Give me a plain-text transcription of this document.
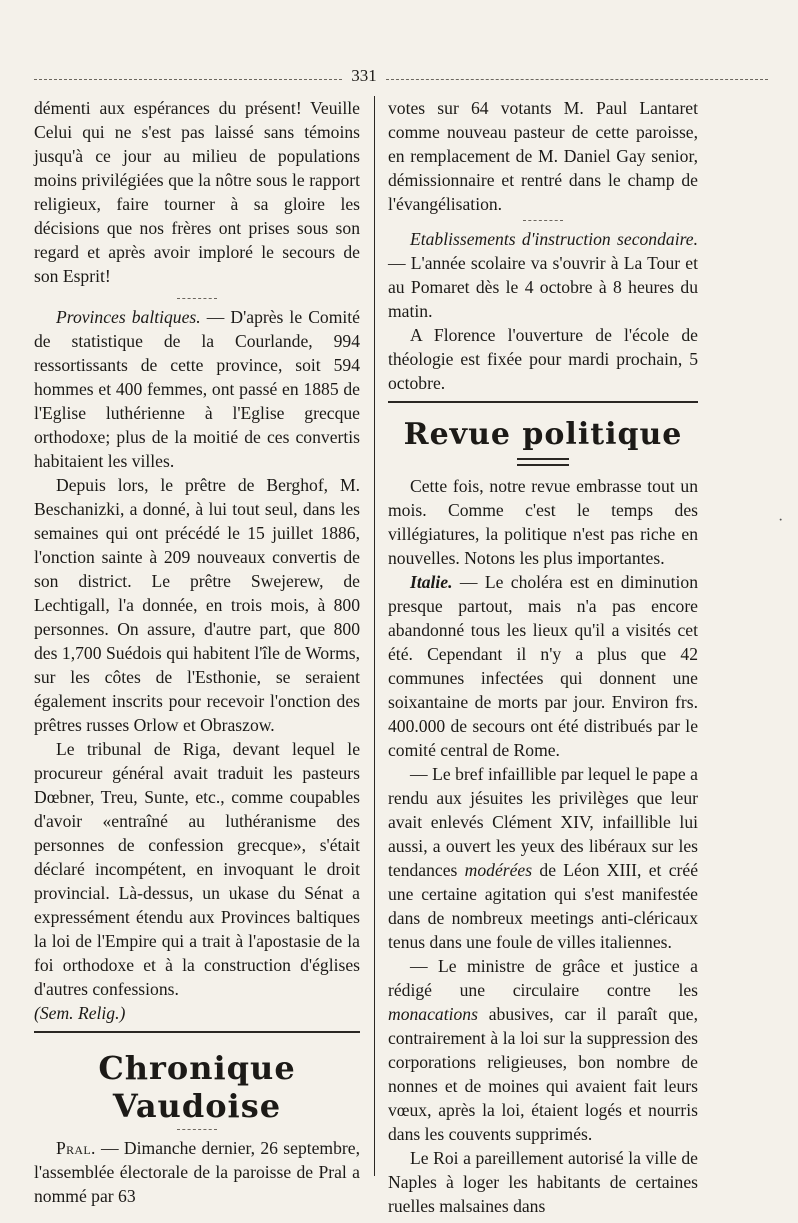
331

démenti aux espérances du présent! Veuille Celui qui ne s'est pas laissé sans témoins jusqu'à ce jour au milieu de populations moins privilégiées que la nôtre sous le rapport religieux, faire tourner à sa gloire les décisions que nos frères ont prises sous son regard et après avoir imploré le secours de son Esprit!

Provinces baltiques. — D'après le Comité de statistique de la Courlande, 994 ressortissants de cette province, soit 594 hommes et 400 femmes, ont passé en 1885 de l'Eglise luthérienne à l'Eglise grecque orthodoxe; plus de la moitié de ces convertis habitaient les villes.

Depuis lors, le prêtre de Berghof, M. Beschanizki, a donné, à lui tout seul, dans les semaines qui ont précédé le 15 juillet 1886, l'onction sainte à 209 nouveaux convertis de son district. Le prêtre Swejerew, de Lechtigall, l'a donnée, en trois mois, à 800 personnes. On assure, d'autre part, que 800 des 1,700 Suédois qui habitent l'île de Worms, sur les côtes de l'Esthonie, se seraient également inscrits pour recevoir l'onction des prêtres russes Orlow et Obraszow.

Le tribunal de Riga, devant lequel le procureur général avait traduit les pasteurs Dœbner, Treu, Sunte, etc., comme coupables d'avoir «entraîné au luthéranisme des personnes de confession grecque», s'était déclaré incompétent, en invoquant le droit provincial. Là-dessus, un ukase du Sénat a expressément étendu aux Provinces baltiques la loi de l'Empire qui a trait à l'apostasie de la foi orthodoxe et à la construction d'églises d'autres confessions.

(Sem. Relig.)

Chronique Vaudoise

Pral. — Dimanche dernier, 26 septembre, l'assemblée électorale de la paroisse de Pral a nommé par 63

votes sur 64 votants M. Paul Lantaret comme nouveau pasteur de cette paroisse, en remplacement de M. Daniel Gay senior, démissionnaire et rentré dans le champ de l'évangélisation.

Etablissements d'instruction secondaire. — L'année scolaire va s'ouvrir à La Tour et au Pomaret dès le 4 octobre à 8 heures du matin.

A Florence l'ouverture de l'école de théologie est fixée pour mardi prochain, 5 octobre.

Revue politique

Cette fois, notre revue embrasse tout un mois. Comme c'est le temps des villégiatures, la politique n'est pas riche en nouvelles. Notons les plus importantes.

Italie. — Le choléra est en diminution presque partout, mais n'a pas encore abandonné tous les lieux qu'il a visités cet été. Cependant il n'y a plus que 42 communes infectées qui donnent une soixantaine de morts par jour. Environ frs. 400.000 de secours ont été distribués par le comité central de Rome.

— Le bref infaillible par lequel le pape a rendu aux jésuites les privilèges que leur avait enlevés Clément XIV, infaillible lui aussi, a ouvert les yeux des libéraux sur les tendances modérées de Léon XIII, et créé une certaine agitation qui s'est manifestée dans de nombreux meetings anti-cléricaux tenus dans une foule de villes italiennes.

— Le ministre de grâce et justice a rédigé une circulaire contre les monacations abusives, car il paraît que, contrairement à la loi sur la suppression des corporations religieuses, bon nombre de nonnes et de moines qui avaient fait leurs vœux, après la loi, étaient logés et nourris dans les couvents supprimés.

Le Roi a pareillement autorisé la ville de Naples à loger les habitants de certaines ruelles malsaines dans

·
